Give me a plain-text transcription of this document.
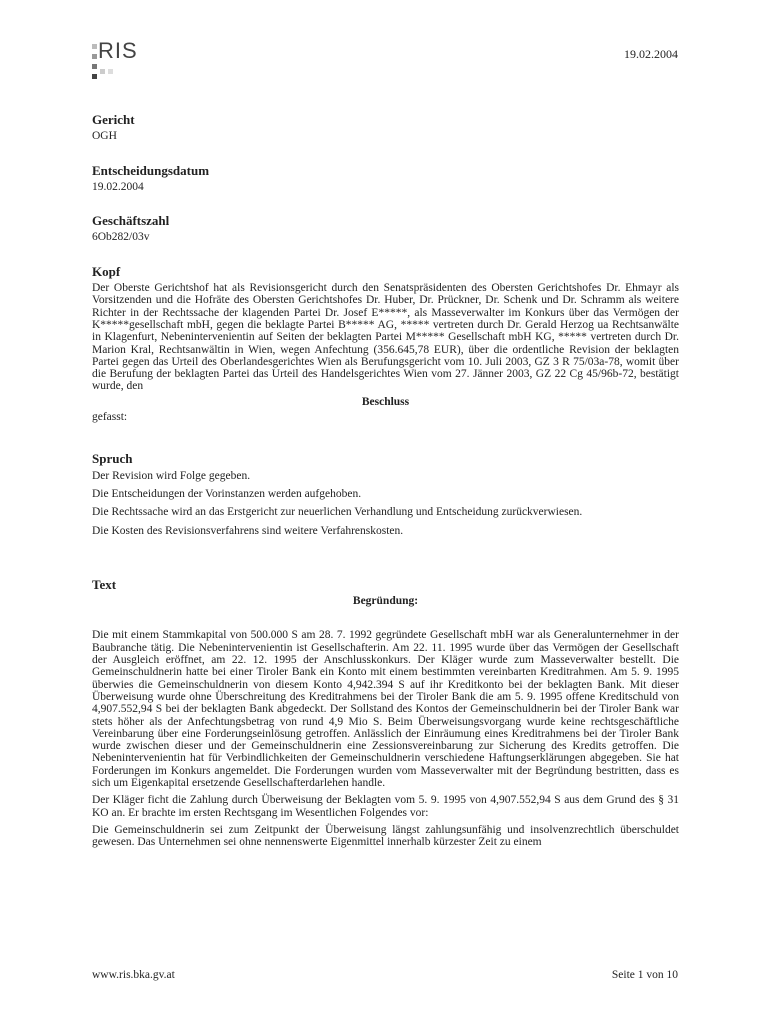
RIS	19.02.2004
Gericht

OGH

Entscheidungsdatum

19.02.2004

Geschäftszahl

6Ob282/03v

Kopf

Der Oberste Gerichtshof hat als Revisionsgericht durch den Senatspräsidenten des Obersten Gerichtshofes Dr. Ehmayr als Vorsitzenden und die Hofräte des Obersten Gerichtshofes Dr. Huber, Dr. Prückner, Dr. Schenk und Dr. Schramm als weitere Richter in der Rechtssache der klagenden Partei Dr. Josef E*****, als Masseverwalter im Konkurs über das Vermögen der K*****gesellschaft mbH, gegen die beklagte Partei B***** AG, ***** vertreten durch Dr. Gerald Herzog ua Rechtsanwälte in Klagenfurt, Nebenintervenientin auf Seiten der beklagten Partei M***** Gesellschaft mbH KG, ***** vertreten durch Dr. Marion Kral, Rechtsanwältin in Wien, wegen Anfechtung (356.645,78 EUR), über die ordentliche Revision der beklagten Partei gegen das Urteil des Oberlandesgerichtes Wien als Berufungsgericht vom 10. Juli 2003, GZ 3 R 75/03a-78, womit über die Berufung der beklagten Partei das Urteil des Handelsgerichtes Wien vom 27. Jänner 2003, GZ 22 Cg 45/96b-72, bestätigt wurde, den

Beschluss

gefasst:

Spruch

Der Revision wird Folge gegeben.

Die Entscheidungen der Vorinstanzen werden aufgehoben.

Die Rechtssache wird an das Erstgericht zur neuerlichen Verhandlung und Entscheidung zurückverwiesen.

Die Kosten des Revisionsverfahrens sind weitere Verfahrenskosten.

Text

Begründung:

Die mit einem Stammkapital von 500.000 S am 28. 7. 1992 gegründete Gesellschaft mbH war als Generalunternehmer in der Baubranche tätig. Die Nebenintervenientin ist Gesellschafterin. Am 22. 11. 1995 wurde über das Vermögen der Gesellschaft der Ausgleich eröffnet, am 22. 12. 1995 der Anschlusskonkurs. Der Kläger wurde zum Masseverwalter bestellt. Die Gemeinschuldnerin hatte bei einer Tiroler Bank ein Konto mit einem bestimmten vereinbarten Kreditrahmen. Am 5. 9. 1995 überwies die Gemeinschuldnerin von diesem Konto 4,942.394 S auf ihr Kreditkonto bei der beklagten Bank. Mit dieser Überweisung wurde ohne Überschreitung des Kreditrahmens bei der Tiroler Bank die am 5. 9. 1995 offene Kreditschuld von 4,907.552,94 S bei der beklagten Bank abgedeckt. Der Sollstand des Kontos der Gemeinschuldnerin bei der Tiroler Bank war stets höher als der Anfechtungsbetrag von rund 4,9 Mio S. Beim Überweisungsvorgang wurde keine rechtsgeschäftliche Vereinbarung über eine Forderungseinlösung getroffen. Anlässlich der Einräumung eines Kreditrahmens bei der Tiroler Bank wurde zwischen dieser und der Gemeinschuldnerin eine Zessionsvereinbarung zur Sicherung des Kredits getroffen. Die Nebenintervenientin hat für Verbindlichkeiten der Gemeinschuldnerin verschiedene Haftungserklärungen abgegeben. Sie hat Forderungen im Konkurs angemeldet. Die Forderungen wurden vom Masseverwalter mit der Begründung bestritten, dass es sich um Eigenkapital ersetzende Gesellschafterdarlehen handle.

Der Kläger ficht die Zahlung durch Überweisung der Beklagten vom 5. 9. 1995 von 4,907.552,94 S aus dem Grund des § 31 KO an. Er brachte im ersten Rechtsgang im Wesentlichen Folgendes vor:

Die Gemeinschuldnerin sei zum Zeitpunkt der Überweisung längst zahlungsunfähig und insolvenzrechtlich überschuldet gewesen. Das Unternehmen sei ohne nennenswerte Eigenmittel innerhalb kürzester Zeit zu einem

www.ris.bka.gv.at	Seite 1 von 10
